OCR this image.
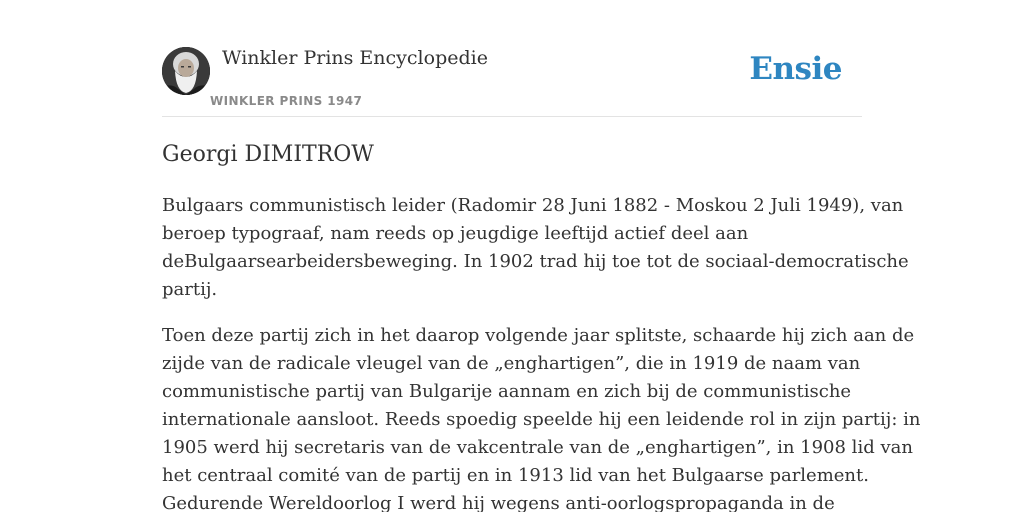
Winkler Prins Encyclopedie
WINKLER PRINS 1947
Ensie
Georgi DIMITROW

Bulgaars communistisch leider (Radomir 28 Juni 1882 - Moskou 2 Juli 1949), van
beroep typograaf, nam reeds op jeugdige leeftijd actief deel aan
deBulgaarsearbeidersbeweging. In 1902 trad hij toe tot de sociaal-democratische
partij.

Toen deze partij zich in het daarop volgende jaar splitste, schaarde hij zich aan de
zijde van de radicale vleugel van de „enghartigen”, die in 1919 de naam van
communistische partij van Bulgarije aannam en zich bij de communistische
internationale aansloot. Reeds spoedig speelde hij een leidende rol in zijn partij: in
1905 werd hij secretaris van de vakcentrale van de „enghartigen”, in 1908 lid van
het centraal comité van de partij en in 1913 lid van het Bulgaarse parlement.
Gedurende Wereldoorlog I werd hij wegens anti-oorlogspropaganda in de
